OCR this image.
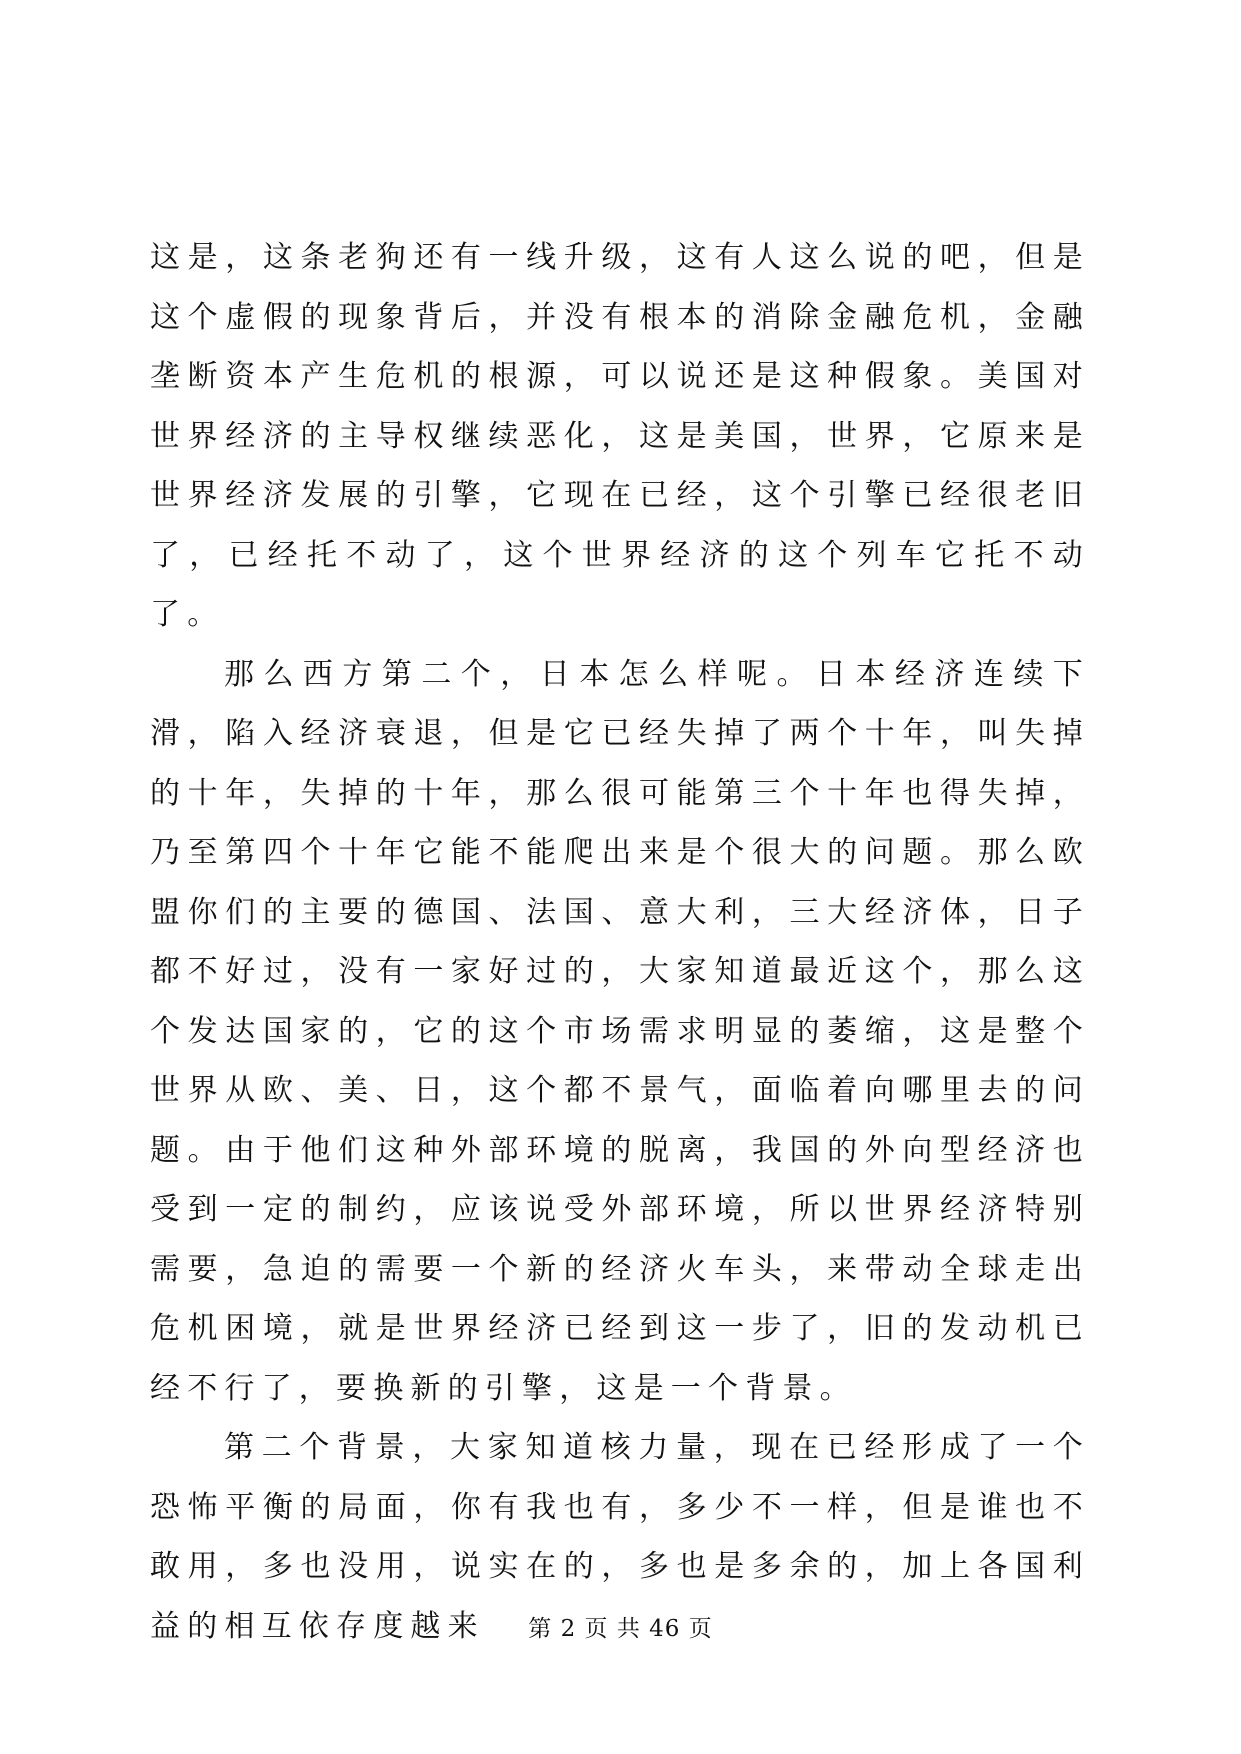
这是，这条老狗还有一线升级，这有人这么说的吧，但是这个虚假的现象背后，并没有根本的消除金融危机，金融垄断资本产生危机的根源，可以说还是这种假象。美国对世界经济的主导权继续恶化，这是美国，世界，它原来是世界经济发展的引擎，它现在已经，这个引擎已经很老旧了，已经托不动了，这个世界经济的这个列车它托不动了。

那么西方第二个，日本怎么样呢。日本经济连续下滑，陷入经济衰退，但是它已经失掉了两个十年，叫失掉的十年，失掉的十年，那么很可能第三个十年也得失掉，乃至第四个十年它能不能爬出来是个很大的问题。那么欧盟你们的主要的德国、法国、意大利，三大经济体，日子都不好过，没有一家好过的，大家知道最近这个，那么这个发达国家的，它的这个市场需求明显的萎缩，这是整个世界从欧、美、日，这个都不景气，面临着向哪里去的问题。由于他们这种外部环境的脱离，我国的外向型经济也受到一定的制约，应该说受外部环境，所以世界经济特别需要，急迫的需要一个新的经济火车头，来带动全球走出危机困境，就是世界经济已经到这一步了，旧的发动机已经不行了，要换新的引擎，这是一个背景。

第二个背景，大家知道核力量，现在已经形成了一个恐怖平衡的局面，你有我也有，多少不一样，但是谁也不敢用，多也没用，说实在的，多也是多余的，加上各国利益的相互依存度越来	第 2 页 共 46 页
